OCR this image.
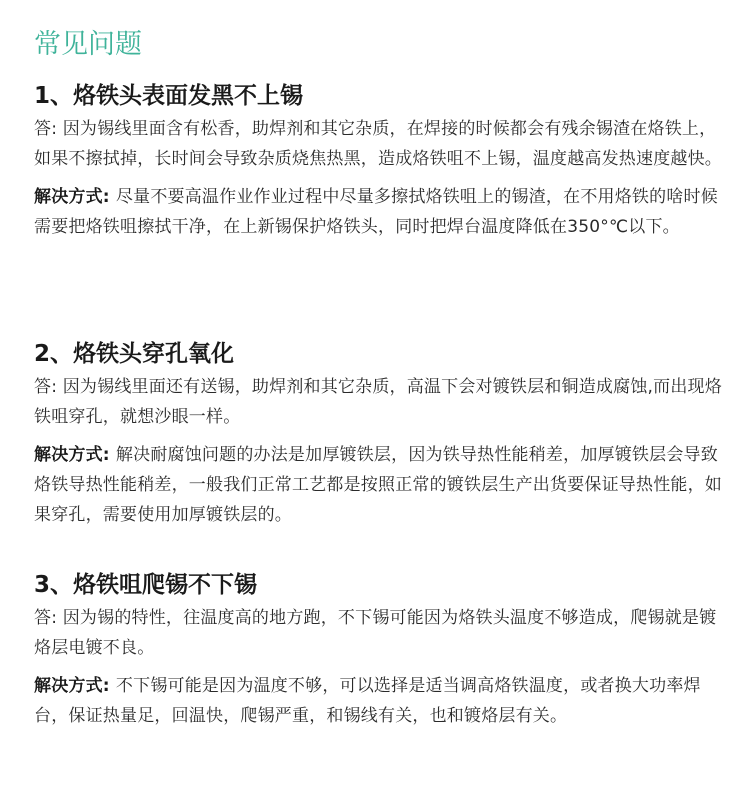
常见问题
1、烙铁头表面发黑不上锡

答: 因为锡线里面含有松香，助焊剂和其它杂质，在焊接的时候都会有残余锡渣在烙铁上，如果不擦拭掉，长时间会导致杂质烧焦热黑，造成烙铁咀不上锡，温度越高发热速度越快。

解决方式: 尽量不要高温作业作业过程中尽量多擦拭烙铁咀上的锡渣，在不用烙铁的啥时候需要把烙铁咀擦拭干净，在上新锡保护烙铁头，同时把焊台温度降低在350°℃以下。

2、烙铁头穿孔氧化

答: 因为锡线里面还有送锡，助焊剂和其它杂质，高温下会对镀铁层和铜造成腐蚀,而出现烙铁咀穿孔，就想沙眼一样。

解决方式: 解决耐腐蚀问题的办法是加厚镀铁层，因为铁导热性能稍差，加厚镀铁层会导致烙铁导热性能稍差，一般我们正常工艺都是按照正常的镀铁层生产出货要保证导热性能，如果穿孔，需要使用加厚镀铁层的。

3、烙铁咀爬锡不下锡

答: 因为锡的特性，往温度高的地方跑，不下锡可能因为烙铁头温度不够造成，爬锡就是镀烙层电镀不良。

解决方式: 不下锡可能是因为温度不够，可以选择是适当调高烙铁温度，或者换大功率焊台，保证热量足，回温快，爬锡严重，和锡线有关，也和镀烙层有关。
